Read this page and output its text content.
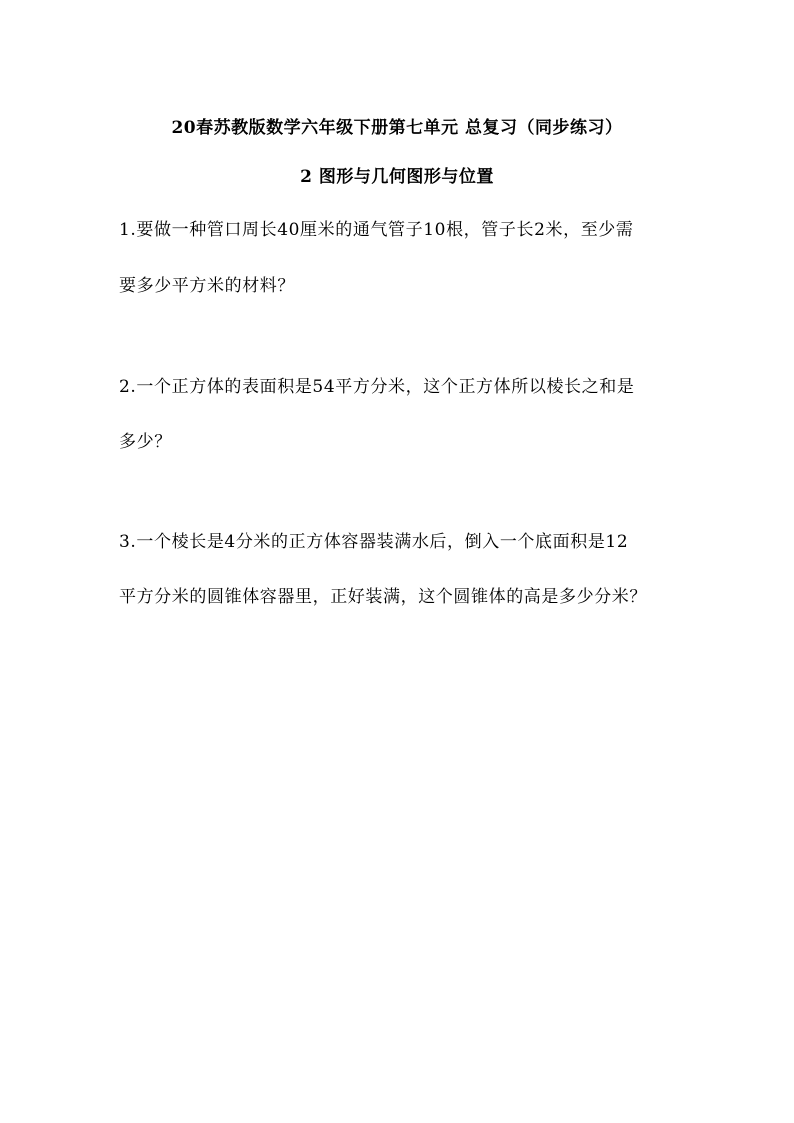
20春苏教版数学六年级下册第七单元 总复习（同步练习）
2 图形与几何图形与位置
1.要做一种管口周长40厘米的通气管子10根，管子长2米，至少需
要多少平方米的材料？
2.一个正方体的表面积是54平方分米，这个正方体所以棱长之和是
多少？
3.一个棱长是4分米的正方体容器装满水后，倒入一个底面积是12
平方分米的圆锥体容器里，正好装满，这个圆锥体的高是多少分米？
